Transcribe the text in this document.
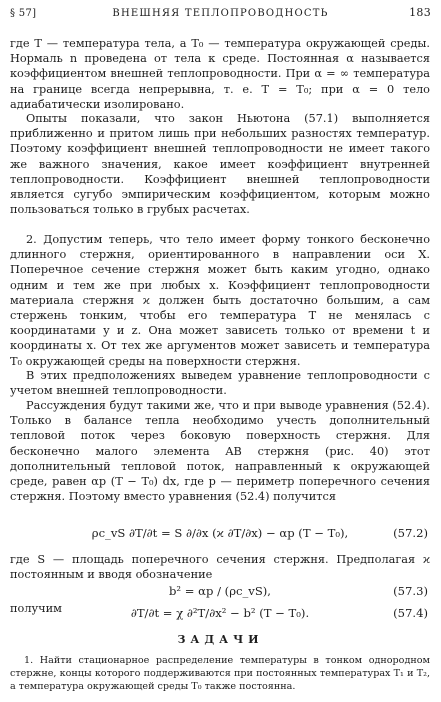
§ 57]	ВНЕШНЯЯ ТЕПЛОПРОВОДНОСТЬ	183

где T — температура тела, а T₀ — температура окружающей среды. Нормаль n проведена от тела к среде. Постоянная α называется коэффициентом внешней теплопроводности. При α = ∞ температура на границе всегда непрерывна, т. е. T = T₀; при α = 0 тело адиабатически изолировано.

Опыты показали, что закон Ньютона (57.1) выполняется приближенно и притом лишь при небольших разностях температур. Поэтому коэффициент внешней теплопроводности не имеет такого же важного значения, какое имеет коэффициент внутренней теплопроводности. Коэффициент внешней теплопроводности является сугубо эмпирическим коэффициентом, которым можно пользоваться только в грубых расчетах.

2. Допустим теперь, что тело имеет форму тонкого бесконечно длинного стержня, ориентированного в направлении оси X. Поперечное сечение стержня может быть каким угодно, однако одним и тем же при любых x. Коэффициент теплопроводности материала стержня ϰ должен быть достаточно большим, а сам стержень тонким, чтобы его температура T не менялась с координатами y и z. Она может зависеть только от времени t и координаты x. От тех же аргументов может зависеть и температура T₀ окружающей среды на поверхности стержня.

В этих предположениях выведем уравнение теплопроводности с учетом внешней теплопроводности.

Рассуждения будут такими же, что и при выводе уравнения (52.4). Только в балансе тепла необходимо учесть дополнительный тепловой поток через боковую поверхность стержня. Для бесконечно малого элемента AB стержня (рис. 40) этот дополнительный тепловой поток, направленный к окружающей среде, равен αp (T − T₀) dx, где p — периметр поперечного сечения стержня. Поэтому вместо уравнения (52.4) получится

ρc_vS ∂T/∂t = S ∂/∂x (ϰ ∂T/∂x) − αp (T − T₀),	(57.2)

где S — площадь поперечного сечения стержня. Предполагая ϰ постоянным и вводя обозначение

b² = αp / (ρc_vS),	(57.3)

получим	∂T/∂t = χ ∂²T/∂x² − b² (T − T₀).	(57.4)
ЗАДАЧИ

1. Найти стационарное распределение температуры в тонком однородном стержне, концы которого поддерживаются при постоянных температурах T₁ и T₂, а температура окружающей среды T₀ также постоянна.
